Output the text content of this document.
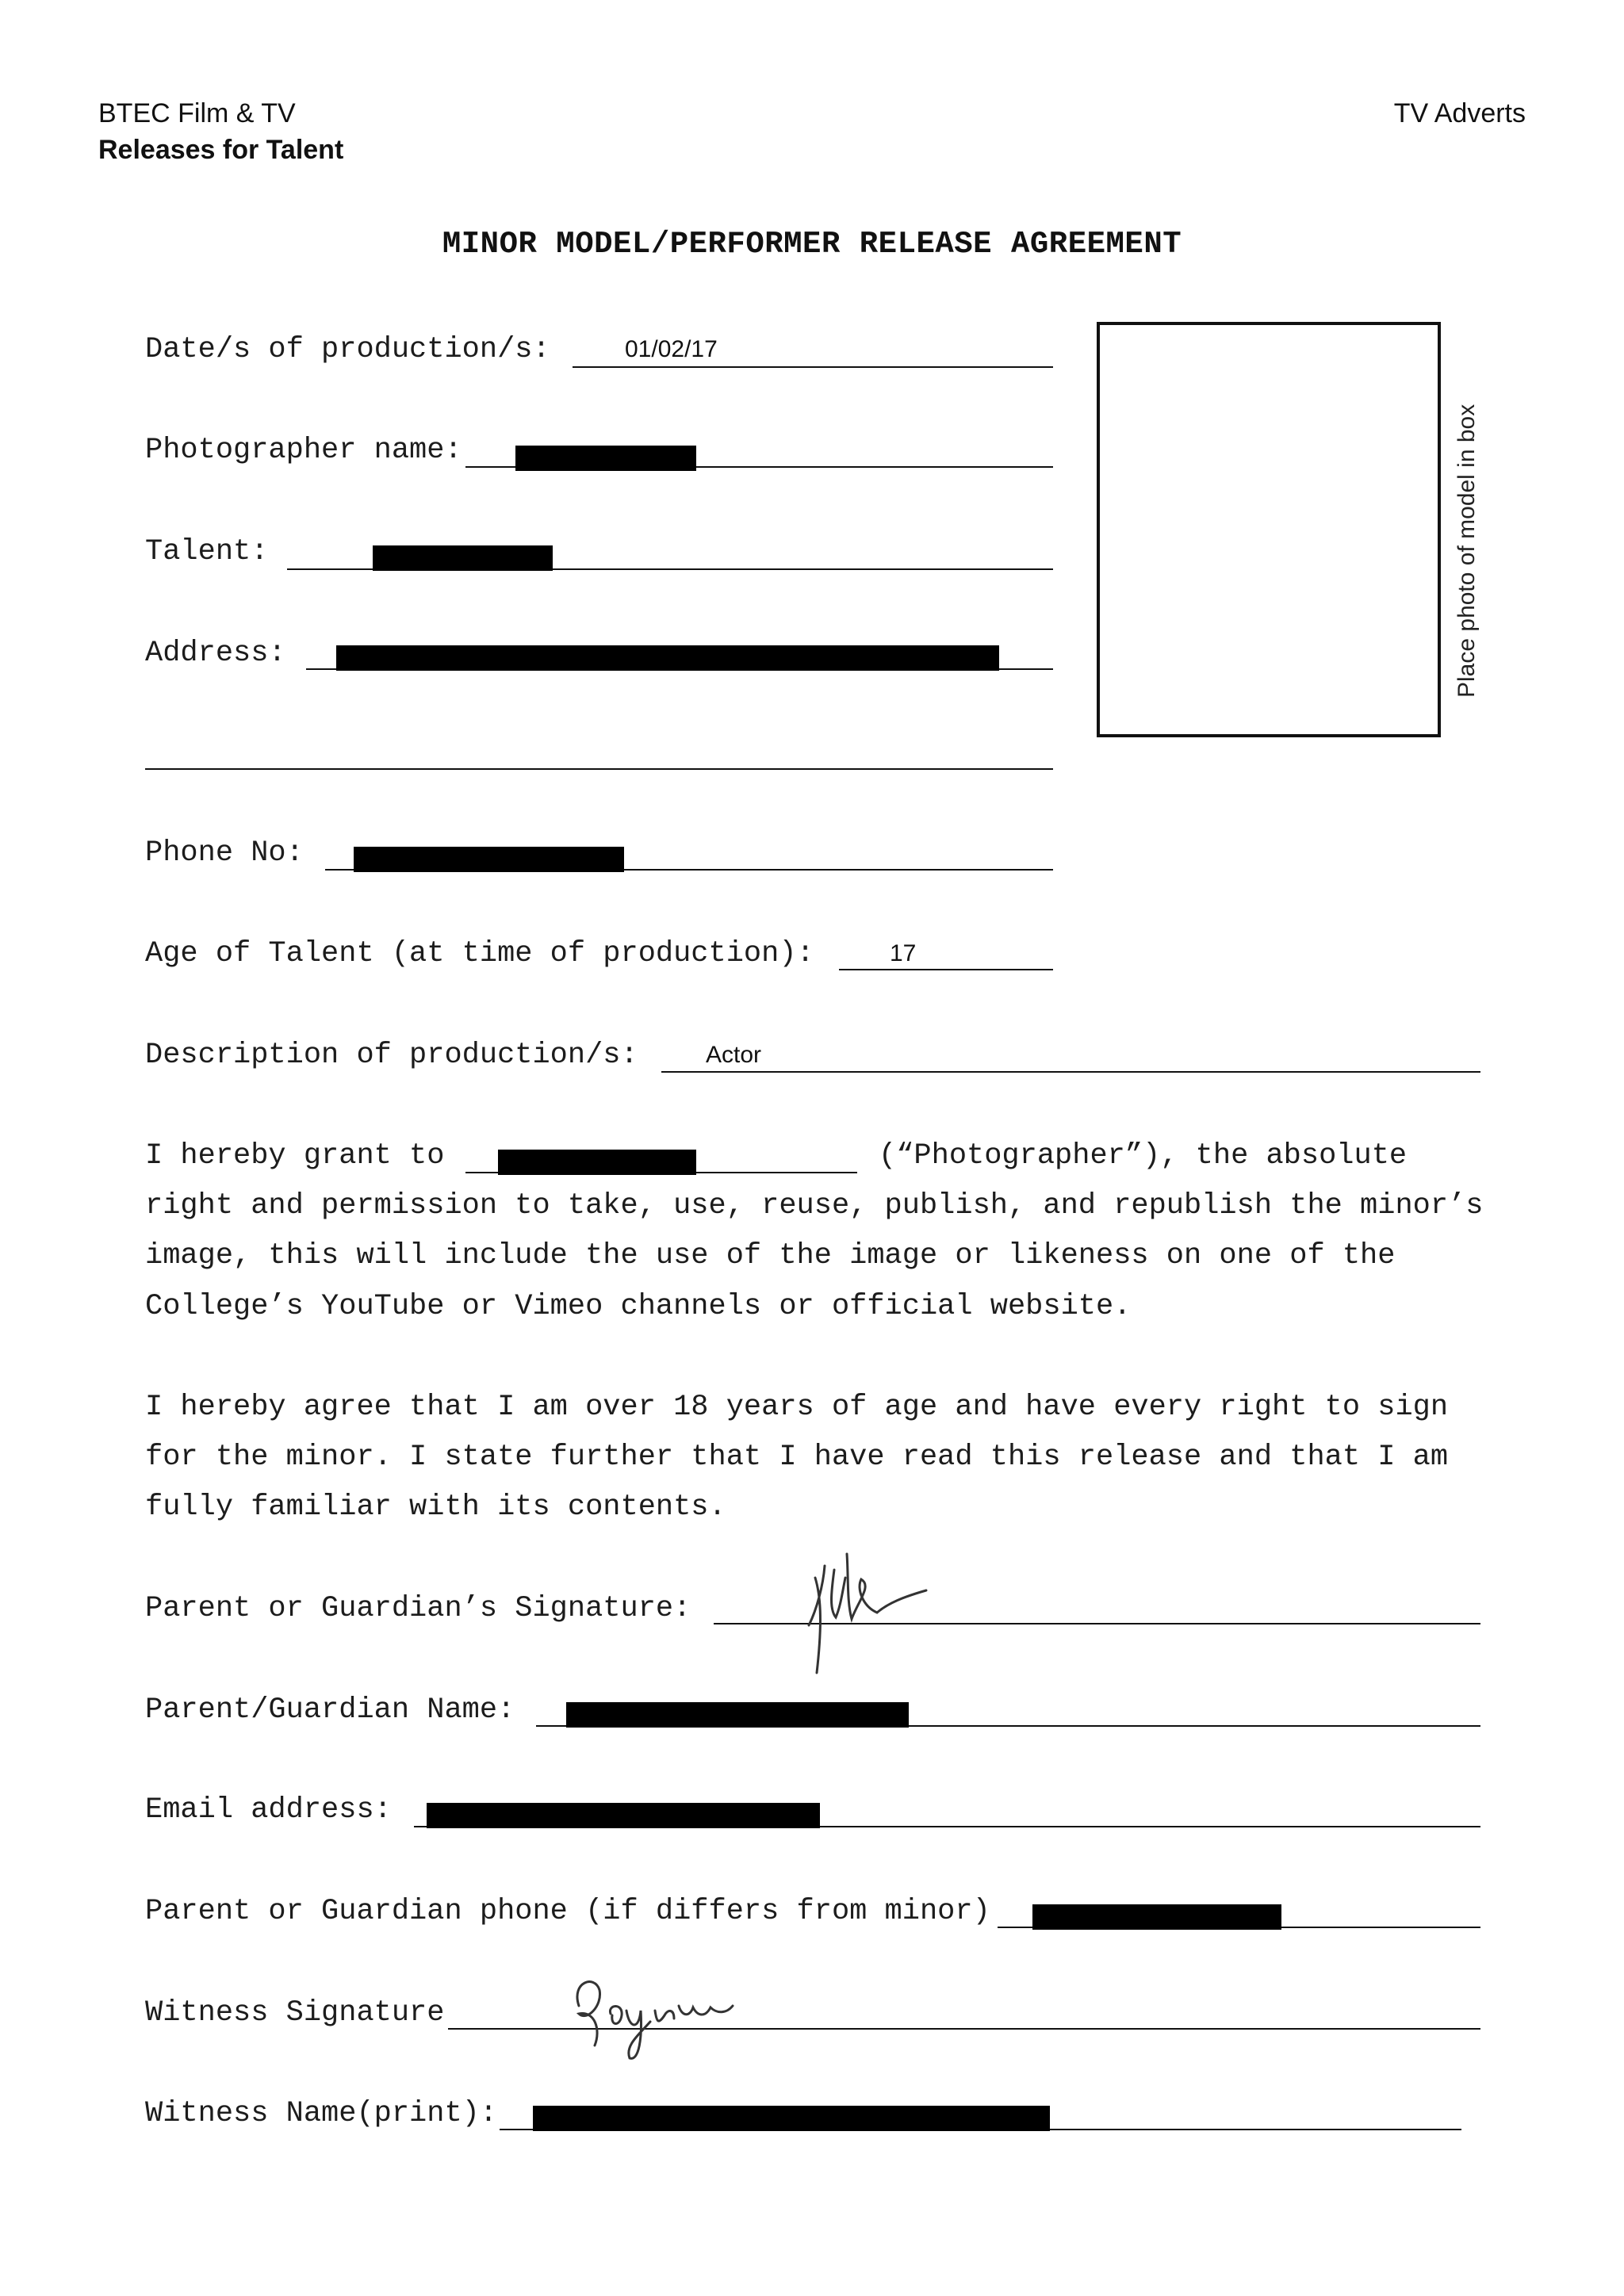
BTEC Film & TV
Releases for Talent
TV Adverts
MINOR MODEL/PERFORMER RELEASE AGREEMENT
Place photo of model in box
Date/s of production/s:	01/02/17
Photographer name:
Talent:
Address:
Phone No:
Age of Talent (at time of production):	17
Description of production/s:	Actor
I hereby grant to	(“Photographer”), the absolute
right and permission to take, use, reuse, publish, and republish the minor’s
image, this will include the use of the image or likeness on one of the
College’s YouTube or Vimeo channels or official website.
I hereby agree that I am over 18 years of age and have every right to sign
for the minor. I state further that I have read this release and that I am
fully familiar with its contents.
Parent or Guardian’s Signature:
Parent/Guardian Name:
Email address:
Parent or Guardian phone (if differs from minor)
Witness Signature
Witness Name(print):
